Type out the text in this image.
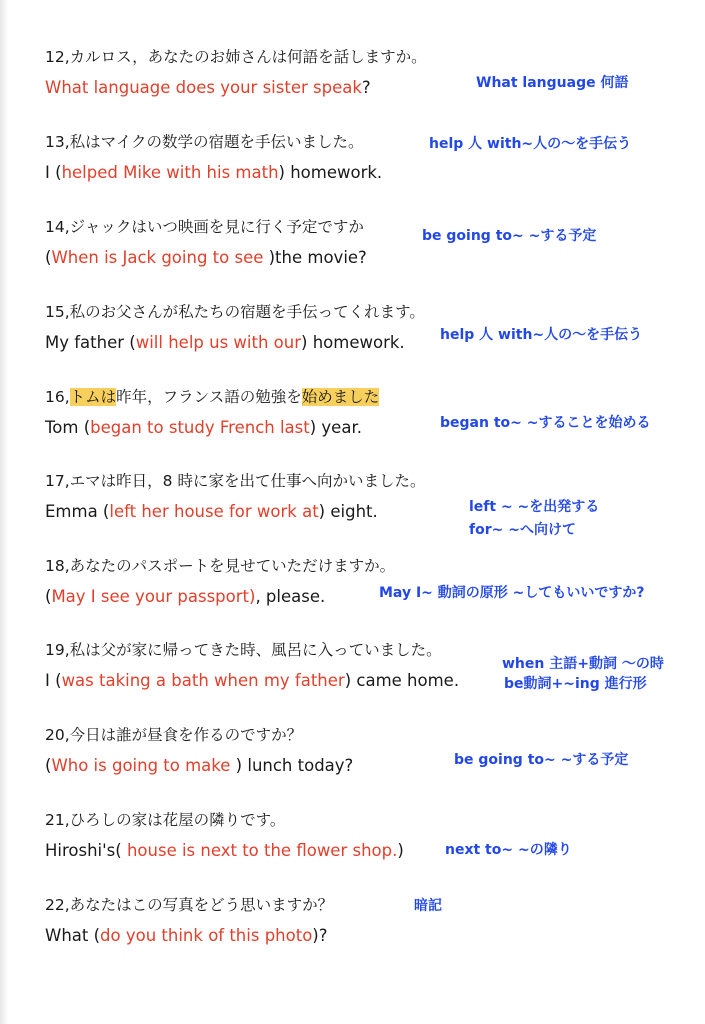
12,カルロス，あなたのお姉さんは何語を話しますか。
What language does your sister speak?	What language 何語
13,私はマイクの数学の宿題を手伝いました。
I (helped Mike with his math) homework.
help 人 with~人の～を手伝う
14,ジャックはいつ映画を見に行く予定ですか
(When is Jack going to see )the movie?
be going to~ ~する予定
15,私のお父さんが私たちの宿題を手伝ってくれます。
My father (will help us with our) homework.	help 人 with~人の～を手伝う
16,トムは昨年，フランス語の勉強を始めました
Tom (began to study French last) year.	began to~ ~することを始める
17,エマは昨日，8 時に家を出て仕事へ向かいました。
Emma (left her house for work at) eight.	left ~ ~を出発する
for~ ~へ向けて
18,あなたのパスポートを見せていただけますか。
(May I see your passport), please.	May I~ 動詞の原形 ~してもいいですか?
19,私は父が家に帰ってきた時、風呂に入っていました。
I (was taking a bath when my father) came home.
when 主語+動詞 ～の時
be動詞+~ing 進行形
20,今日は誰が昼食を作るのですか？
(Who is going to make ) lunch today?	be going to~ ~する予定
21,ひろしの家は花屋の隣りです。
Hiroshi's( house is next to the flower shop.)	next to~ ~の隣り
22,あなたはこの写真をどう思いますか？
What (do you think of this photo)?
暗記
